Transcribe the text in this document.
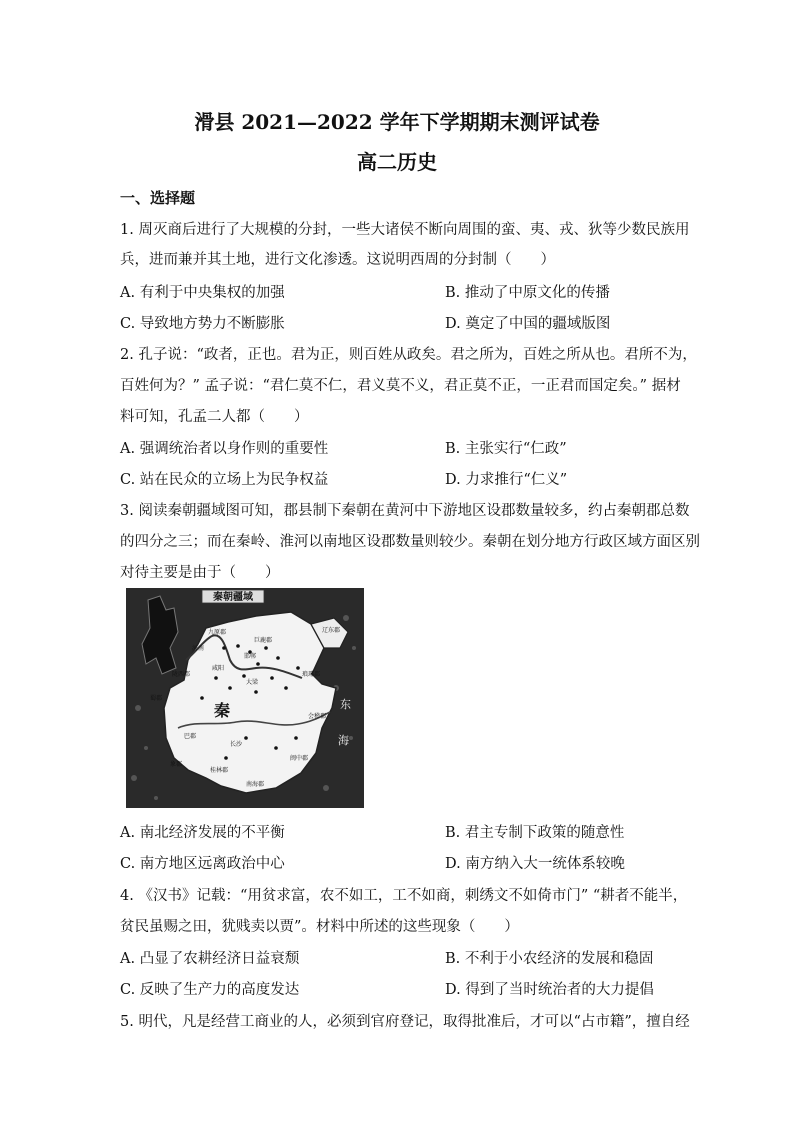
滑县 2021—2022 学年下学期期末测评试卷
高二历史
一、选择题
1. 周灭商后进行了大规模的分封，一些大诸侯不断向周围的蛮、夷、戎、狄等少数民族用
兵，进而兼并其土地，进行文化渗透。这说明西周的分封制（　　）
A. 有利于中央集权的加强	B. 推动了中原文化的传播
C. 导致地方势力不断膨胀	D. 奠定了中国的疆域版图
2. 孔子说：“政者，正也。君为正，则百姓从政矣。君之所为，百姓之所从也。君所不为，
百姓何为？” 孟子说：“君仁莫不仁，君义莫不义，君正莫不正，一正君而国定矣。” 据材
料可知，孔孟二人都（　　）
A. 强调统治者以身作则的重要性	B. 主张实行“仁政”
C. 站在民众的立场上为民争权益	D. 力求推行“仁义”
3. 阅读秦朝疆域图可知，郡县制下秦朝在黄河中下游地区设郡数量较多，约占秦朝郡总数
的四分之三；而在秦岭、淮河以南地区设郡数量则较少。秦朝在划分地方行政区域方面区别
对待主要是由于（　　）
秦朝疆域
秦	东
海
九原郡
河南
陇西郡
咸阳
邯郸
巨鹿郡
大梁
蜀郡
巴郡
长沙
闽中郡
南海郡
桂林郡
象郡
琅琊郡
辽东郡
会稽郡
A. 南北经济发展的不平衡	B. 君主专制下政策的随意性
C. 南方地区远离政治中心	D. 南方纳入大一统体系较晚
4. 《汉书》记载：“用贫求富，农不如工，工不如商，刺绣文不如倚市门” “耕者不能半，
贫民虽赐之田，犹贱卖以贾”。材料中所述的这些现象（　　）
A. 凸显了农耕经济日益衰颓	B. 不利于小农经济的发展和稳固
C. 反映了生产力的高度发达	D. 得到了当时统治者的大力提倡
5. 明代，凡是经营工商业的人，必须到官府登记，取得批准后，才可以“占市籍”，擅自经
